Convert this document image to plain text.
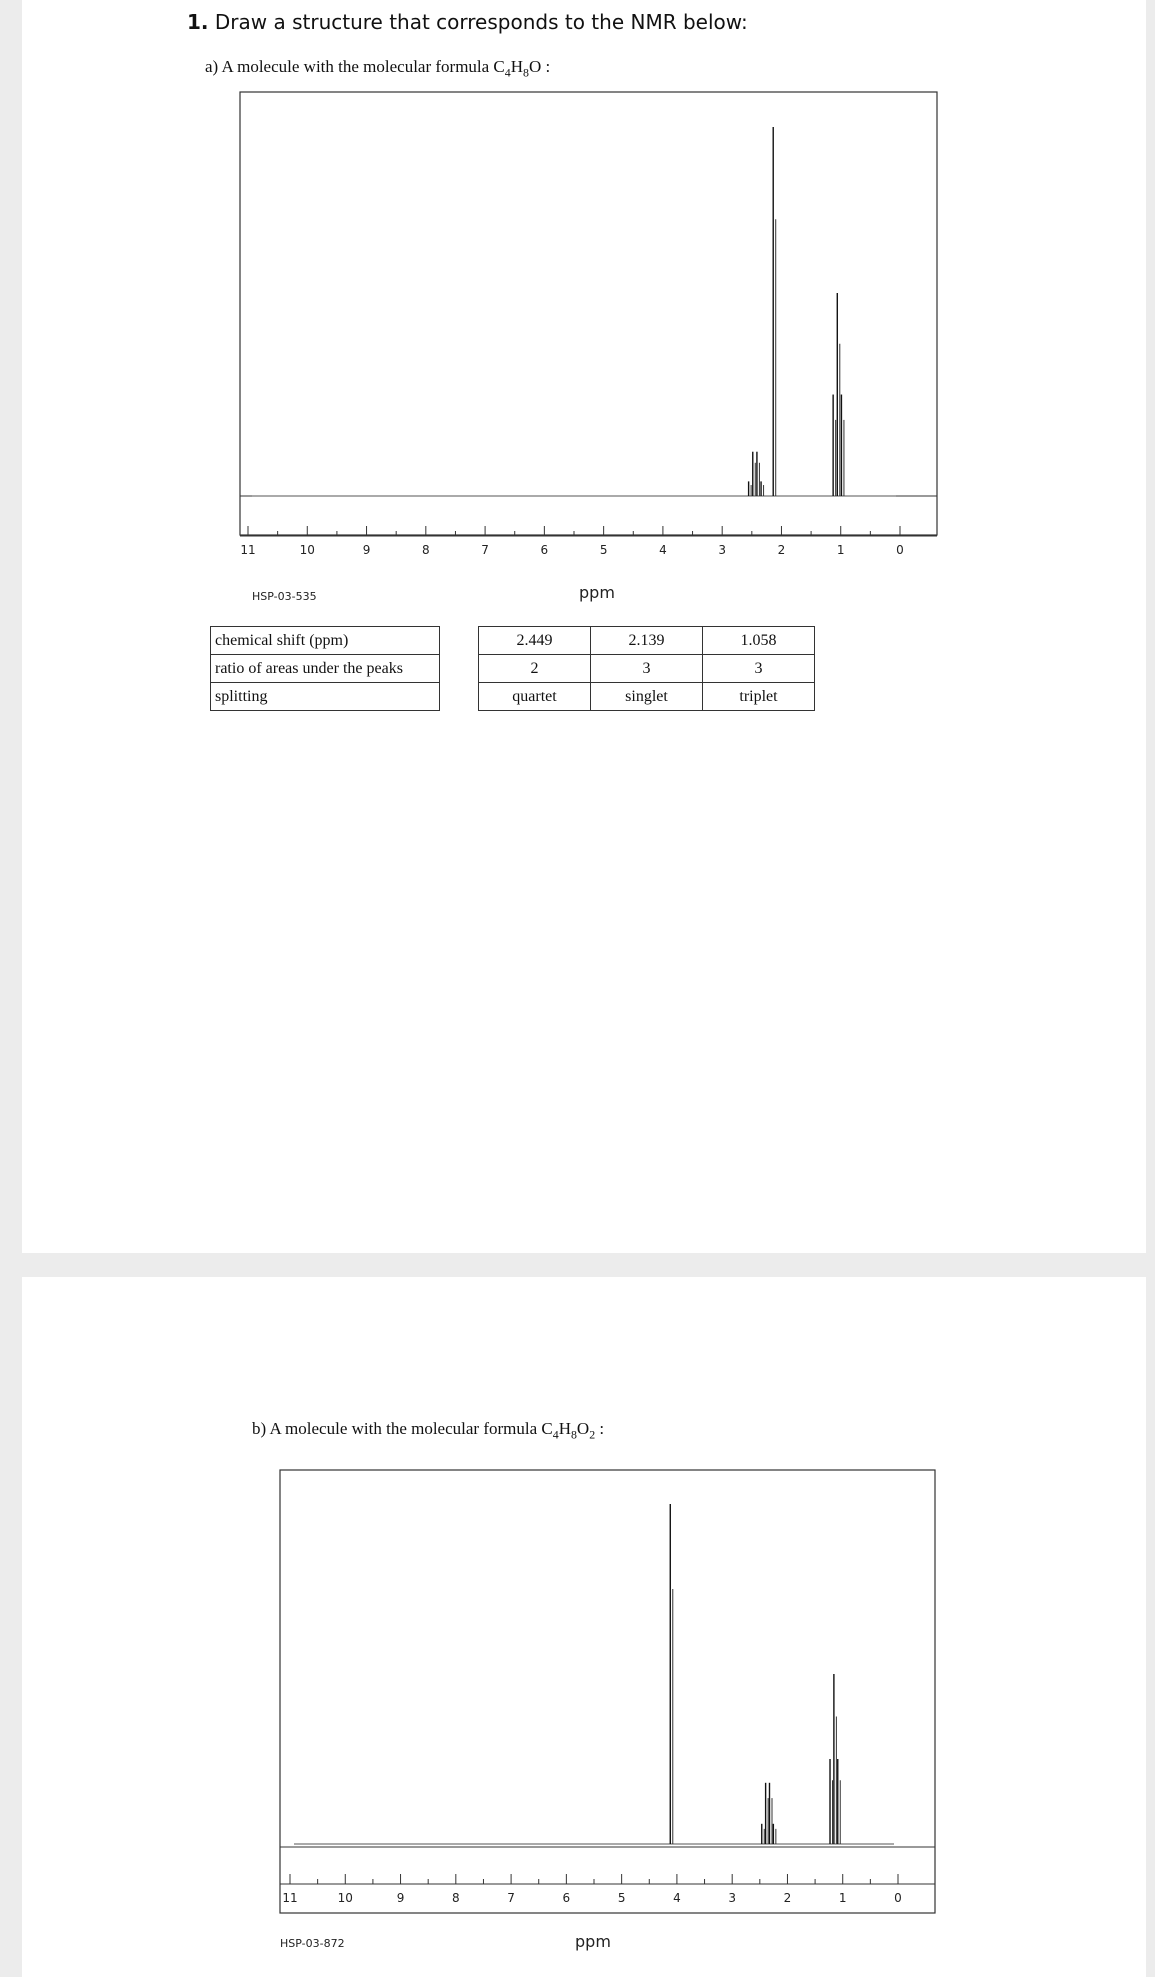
1. Draw a structure that corresponds to the NMR below:
a) A molecule with the molecular formula $C_4H_8O$ :
11	10	9	8	7	6	5	4	3	2	1	0
HSP-03-535	ppm
chemical shift (ppm)		2.449	2.139	1.058
ratio of areas under the peaks		2	3	3
splitting		quartet	singlet	triplet
b) A molecule with the molecular formula $C_4H_8O_2$ :
11	10	9	8	7	6	5	4	3	2	1	0
HSP-03-872	ppm
